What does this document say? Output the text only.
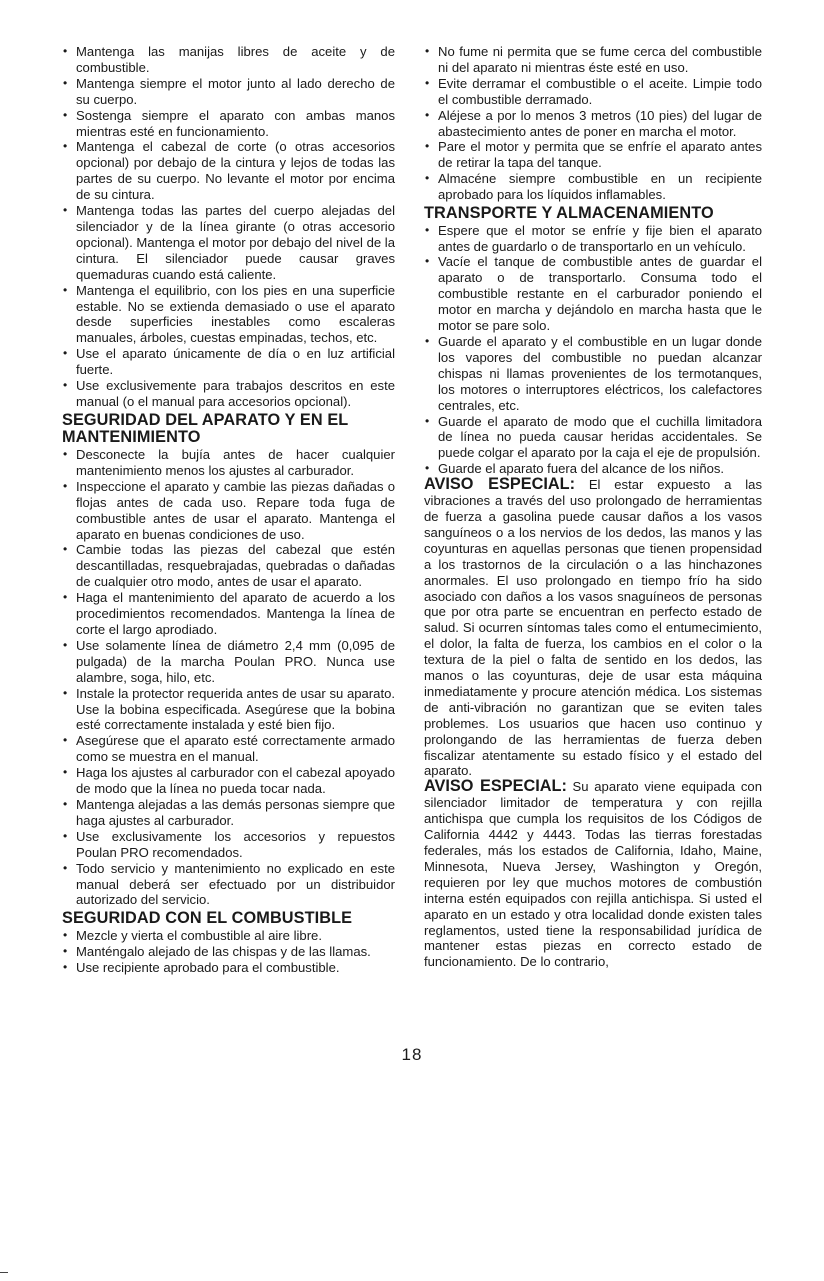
• Mantenga las manijas libres de aceite y de combustible.
• Mantenga siempre el motor junto al lado derecho de su cuerpo.
• Sostenga siempre el aparato con ambas manos mientras esté en funcionamiento.
• Mantenga el cabezal de corte (o otras accesorios opcional) por debajo de la cintura y lejos de todas las partes de su cuerpo. No levante el motor por encima de su cintura.
• Mantenga todas las partes del cuerpo alejadas del silenciador y de la línea girante (o otras accesorio opcional). Mantenga el motor por debajo del nivel de la cintura. El silenciador puede causar graves quemaduras cuando está caliente.
• Mantenga el equilibrio, con los pies en una superficie estable. No se extienda demasiado o use el aparato desde superficies inestables como escaleras manuales, árboles, cuestas empinadas, techos, etc.
• Use el aparato únicamente de día o en luz artificial fuerte.
• Use exclusivemente para trabajos descritos en este manual (o el manual para accesorios opcional).
SEGURIDAD DEL APARATO Y EN EL MANTENIMIENTO
• Desconecte la bujía antes de hacer cualquier mantenimiento menos los ajustes al carburador.
• Inspeccione el aparato y cambie las piezas dañadas o flojas antes de cada uso. Repare toda fuga de combustible antes de usar el aparato. Mantenga el aparato en buenas condiciones de uso.
• Cambie todas las piezas del cabezal que estén descantilladas, resquebrajadas, quebradas o dañadas de cualquier otro modo, antes de usar el aparato.
• Haga el mantenimiento del aparato de acuerdo a los procedimientos recomendados. Mantenga la línea de corte el largo aprodiado.
• Use solamente línea de diámetro 2,4 mm (0,095 de pulgada) de la marcha Poulan PRO. Nunca use alambre, soga, hilo, etc.
• Instale la protector requerida antes de usar su aparato. Use la bobina especificada. Asegúrese que la bobina esté correctamente instalada y esté bien fijo.
• Asegúrese que el aparato esté correctamente armado como se muestra en el manual.
• Haga los ajustes al carburador con el cabezal apoyado de modo que la línea no pueda tocar nada.
• Mantenga alejadas a las demás personas siempre que haga ajustes al carburador.
• Use exclusivamente los accesorios y repuestos Poulan PRO recomendados.
• Todo servicio y mantenimiento no explicado en este manual deberá ser efectuado por un distribuidor autorizado del servicio.
SEGURIDAD CON EL COMBUSTIBLE
• Mezcle y vierta el combustible al aire libre.
• Manténgalo alejado de las chispas y de las llamas.
• Use recipiente aprobado para el combustible.
• No fume ni permita que se fume cerca del combustible ni del aparato ni mientras éste esté en uso.
• Evite derramar el combustible o el aceite. Limpie todo el combustible derramado.
• Aléjese a por lo menos 3 metros (10 pies) del lugar de abastecimiento antes de poner en marcha el motor.
• Pare el motor y permita que se enfríe el aparato antes de retirar la tapa del tanque.
• Almacéne siempre combustible en un recipiente aprobado para los líquidos inflamables.
TRANSPORTE Y ALMACENAMIENTO
• Espere que el motor se enfríe y fije bien el aparato antes de guardarlo o de transportarlo en un vehículo.
• Vacíe el tanque de combustible antes de guardar el aparato o de transportarlo. Consuma todo el combustible restante en el carburador poniendo el motor en marcha y dejándolo en marcha hasta que le motor se pare solo.
• Guarde el aparato y el combustible en un lugar donde los vapores del combustible no puedan alcanzar chispas ni llamas provenientes de los termotanques, los motores o interruptores eléctricos, los calefactores centrales, etc.
• Guarde el aparato de modo que el cuchilla limitadora de línea no pueda causar heridas accidentales. Se puede colgar el aparato por la caja el eje de propulsión.
• Guarde el aparato fuera del alcance de los niños.

AVISO ESPECIAL: El estar expuesto a las vibraciones a través del uso prolongado de herramientas de fuerza a gasolina puede causar daños a los vasos sanguíneos o a los nervios de los dedos, las manos y las coyunturas en aquellas personas que tienen propensidad a los trastornos de la circulación o a las hinchazones anormales. El uso prolongado en tiempo frío ha sido asociado con daños a los vasos snaguíneos de personas que por otra parte se encuentran en perfecto estado de salud. Si ocurren síntomas tales como el entumecimiento, el dolor, la falta de fuerza, los cambios en el color o la textura de la piel o falta de sentido en los dedos, las manos o las coyunturas, deje de usar esta máquina inmediatamente y procure atención médica. Los sistemas de anti-vibración no garantizan que se eviten tales problemes. Los usuarios que hacen uso continuo y prolongando de las herramientas de fuerza deben fiscalizar atentamente su estado físico y el estado del aparato.

AVISO ESPECIAL: Su aparato viene equipada con silenciador limitador de temperatura y con rejilla antichispa que cumpla los requisitos de los Códigos de California 4442 y 4443. Todas las tierras forestadas federales, más los estados de California, Idaho, Maine, Minnesota, Nueva Jersey, Washington y Oregón, requieren por ley que muchos motores de combustión interna estén equipados con rejilla antichispa. Si usted el aparato en un estado y otra localidad donde existen tales reglamentos, usted tiene la responsabilidad jurídica de mantener estas piezas en correcto estado de funcionamiento. De lo contrario,

18
